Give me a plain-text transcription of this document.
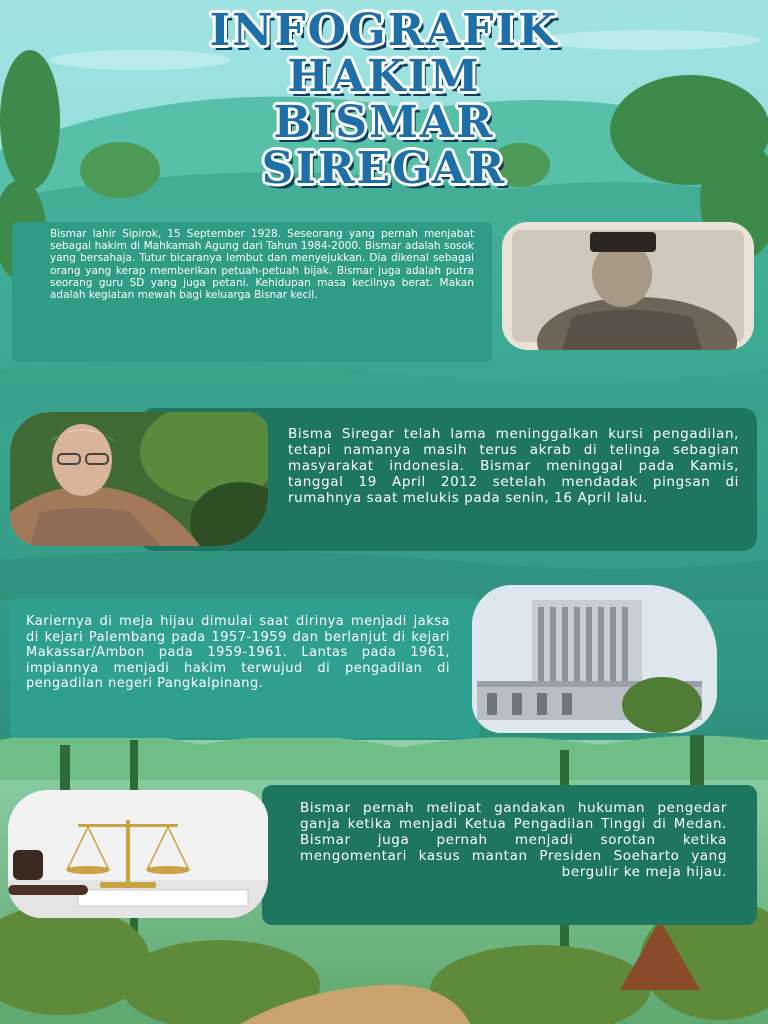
INFOGRAFIK
HAKIM
BISMAR
SIREGAR

Bismar lahir Sipirok, 15 September 1928. Seseorang yang pernah menjabat sebagai hakim di Mahkamah Agung dari Tahun 1984-2000. Bismar adalah sosok yang bersahaja. Tutur bicaranya lembut dan menyejukkan. Dia dikenal sebagai orang yang kerap memberikan petuah-petuah bijak. Bismar juga adalah putra seorang guru SD yang juga petani. Kehidupan masa kecilnya berat. Makan adalah kegiatan mewah bagi keluarga Bisnar kecil.

Bisma Siregar telah lama meninggalkan kursi pengadilan, tetapi namanya masih terus akrab di telinga sebagian masyarakat indonesia. Bismar meninggal pada Kamis, tanggal 19 April 2012 setelah mendadak pingsan di rumahnya saat melukis pada senin, 16 April lalu.

Kariernya di meja hijau dimulai saat dirinya menjadi jaksa di kejari Palembang pada 1957-1959 dan berlanjut di kejari Makassar/Ambon pada 1959-1961. Lantas pada 1961, impiannya menjadi hakim terwujud di pengadilan di pengadilan negeri Pangkalpinang.

Bismar pernah melipat gandakan hukuman pengedar ganja ketika menjadi Ketua Pengadilan Tinggi di Medan. Bismar juga pernah menjadi sorotan ketika mengomentari kasus mantan Presiden Soeharto yang bergulir ke meja hijau.
